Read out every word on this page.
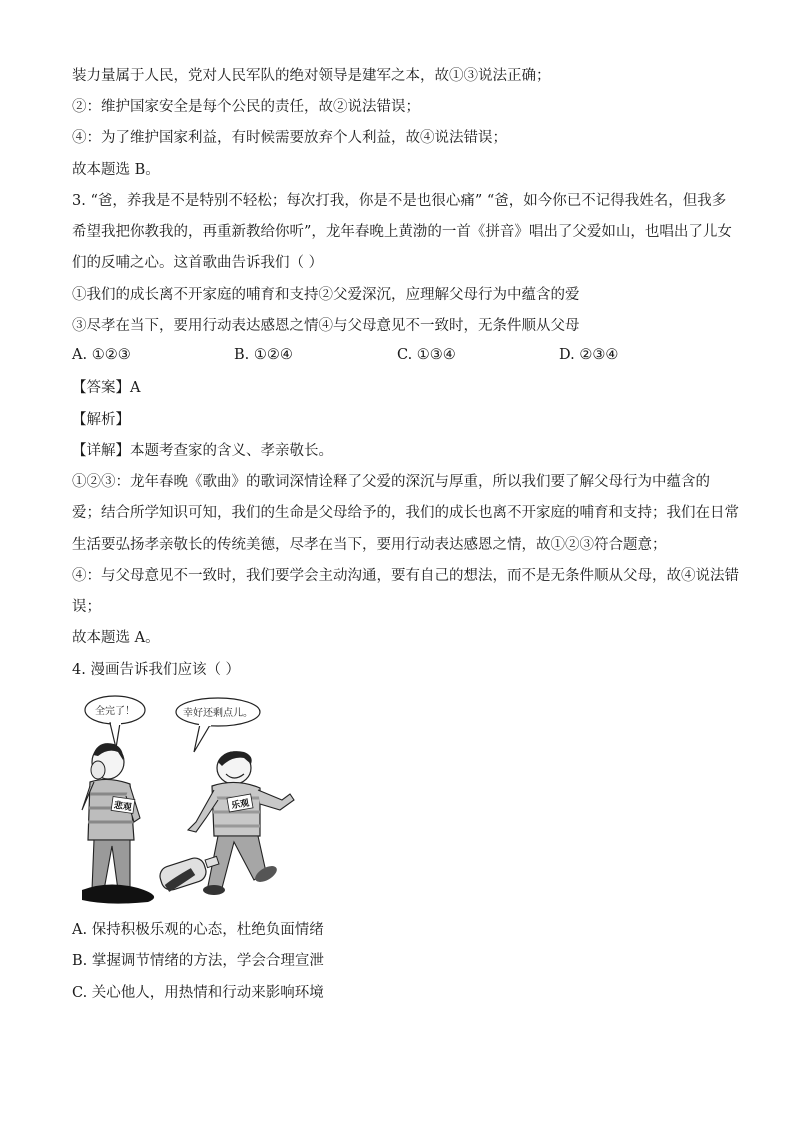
装力量属于人民，党对人民军队的绝对领导是建军之本，故①③说法正确；
②：维护国家安全是每个公民的责任，故②说法错误；
④：为了维护国家利益，有时候需要放弃个人利益，故④说法错误；
故本题选 B。
3. “爸，养我是不是特别不轻松；每次打我，你是不是也很心痛” “爸，如今你已不记得我姓名，但我多
希望我把你教我的，再重新教给你听”，龙年春晚上黄渤的一首《拼音》唱出了父爱如山，也唱出了儿女
们的反哺之心。这首歌曲告诉我们（ ）
①我们的成长离不开家庭的哺育和支持②父爱深沉，应理解父母行为中蕴含的爱
③尽孝在当下，要用行动表达感恩之情④与父母意见不一致时，无条件顺从父母
A. ①②③	B. ①②④	C. ①③④	D. ②③④
【答案】A
【解析】
【详解】本题考查家的含义、孝亲敬长。
①②③：龙年春晚《歌曲》的歌词深情诠释了父爱的深沉与厚重，所以我们要了解父母行为中蕴含的
爱；结合所学知识可知，我们的生命是父母给予的，我们的成长也离不开家庭的哺育和支持；我们在日常
生活要弘扬孝亲敬长的传统美德，尽孝在当下，要用行动表达感恩之情，故①②③符合题意；
④：与父母意见不一致时，我们要学会主动沟通，要有自己的想法，而不是无条件顺从父母，故④说法错
误；
故本题选 A。
4. 漫画告诉我们应该（ ）
全完了！	幸好还剩点儿。
悲观	乐观
A. 保持积极乐观的心态，杜绝负面情绪
B. 掌握调节情绪的方法，学会合理宣泄
C. 关心他人，用热情和行动来影响环境
